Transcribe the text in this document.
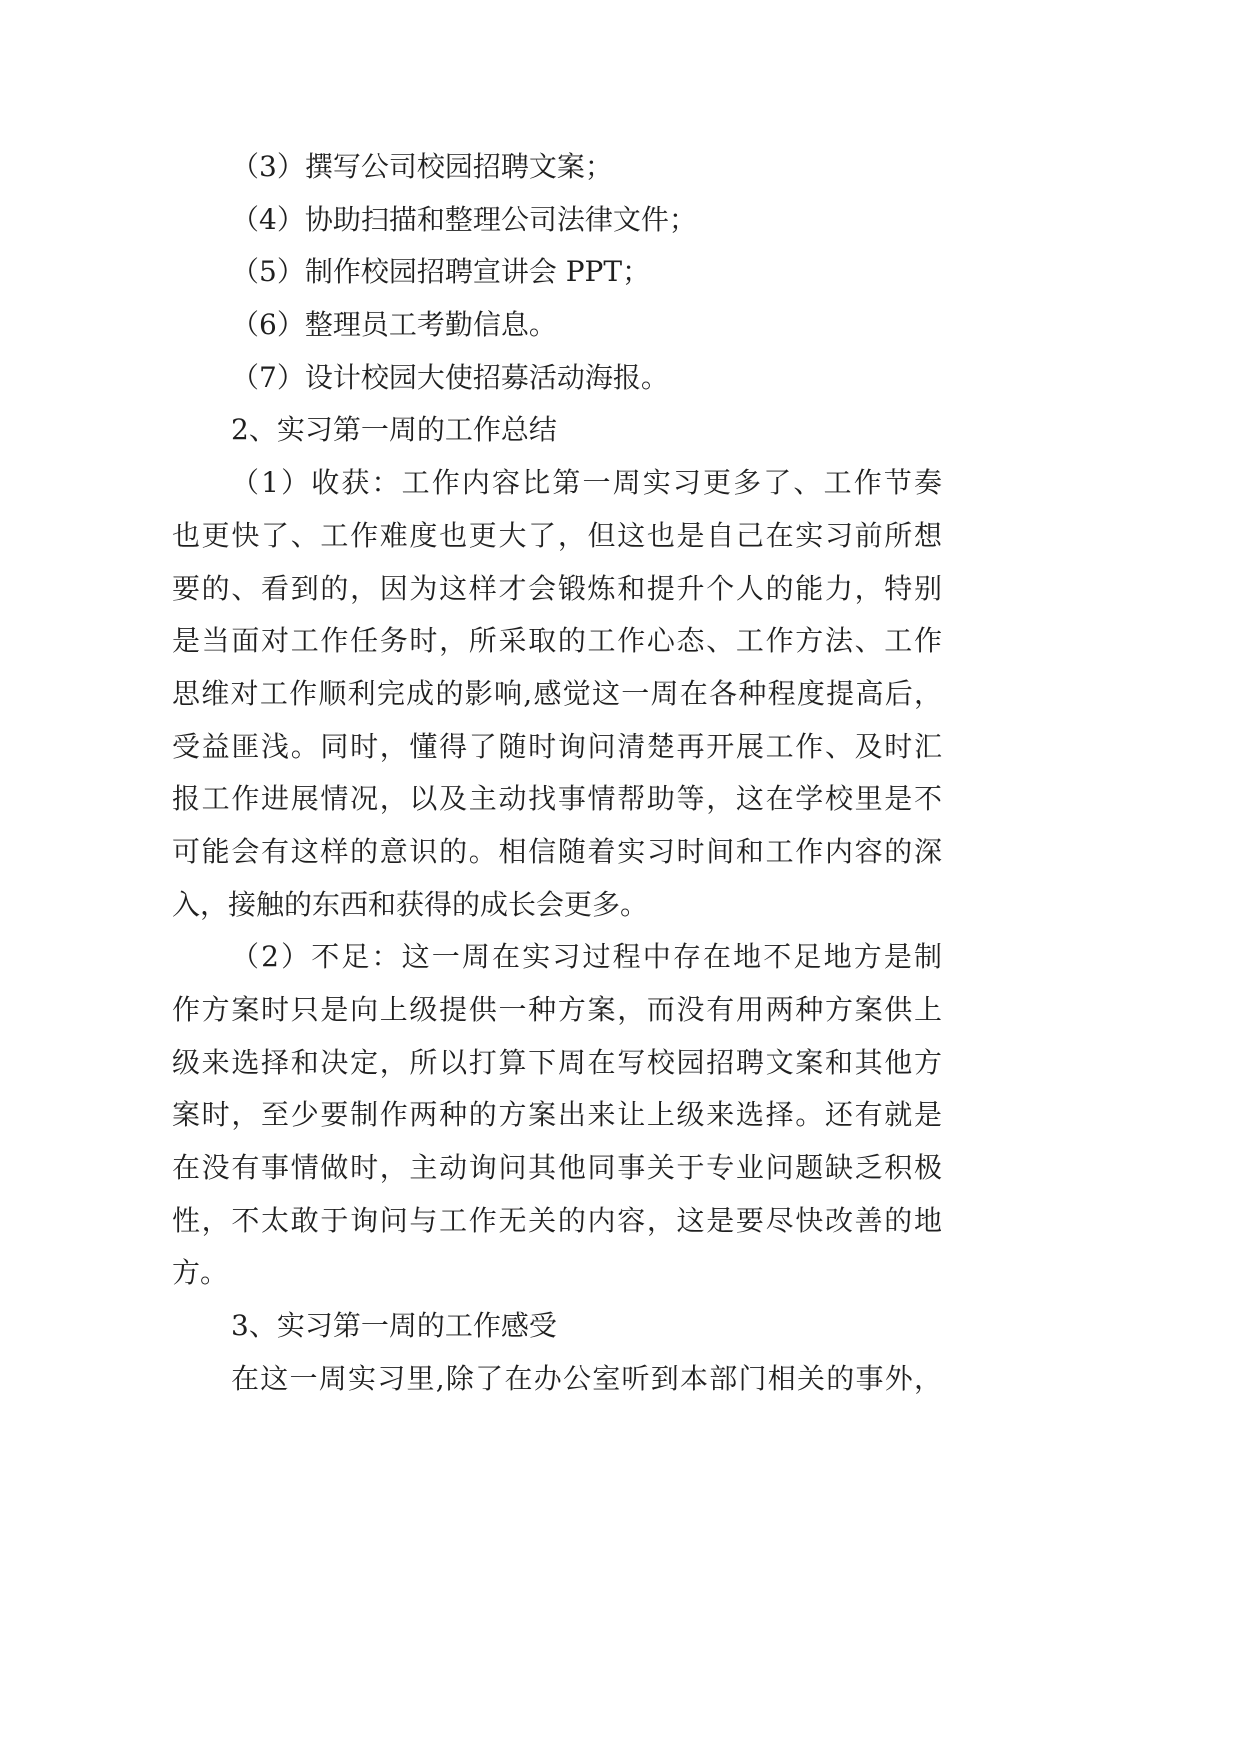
（3）撰写公司校园招聘文案；
（4）协助扫描和整理公司法律文件；
（5）制作校园招聘宣讲会 PPT；
（6）整理员工考勤信息。
（7）设计校园大使招募活动海报。
2、实习第一周的工作总结
（1）收获：工作内容比第一周实习更多了、工作节奏
也更快了、工作难度也更大了，但这也是自己在实习前所想
要的、看到的，因为这样才会锻炼和提升个人的能力，特别
是当面对工作任务时，所采取的工作心态、工作方法、工作
思维对工作顺利完成的影响,感觉这一周在各种程度提高后，
受益匪浅。同时，懂得了随时询问清楚再开展工作、及时汇
报工作进展情况，以及主动找事情帮助等，这在学校里是不
可能会有这样的意识的。相信随着实习时间和工作内容的深
入，接触的东西和获得的成长会更多。
（2）不足：这一周在实习过程中存在地不足地方是制
作方案时只是向上级提供一种方案，而没有用两种方案供上
级来选择和决定，所以打算下周在写校园招聘文案和其他方
案时，至少要制作两种的方案出来让上级来选择。还有就是
在没有事情做时，主动询问其他同事关于专业问题缺乏积极
性，不太敢于询问与工作无关的内容，这是要尽快改善的地
方。
3、实习第一周的工作感受
在这一周实习里,除了在办公室听到本部门相关的事外，
